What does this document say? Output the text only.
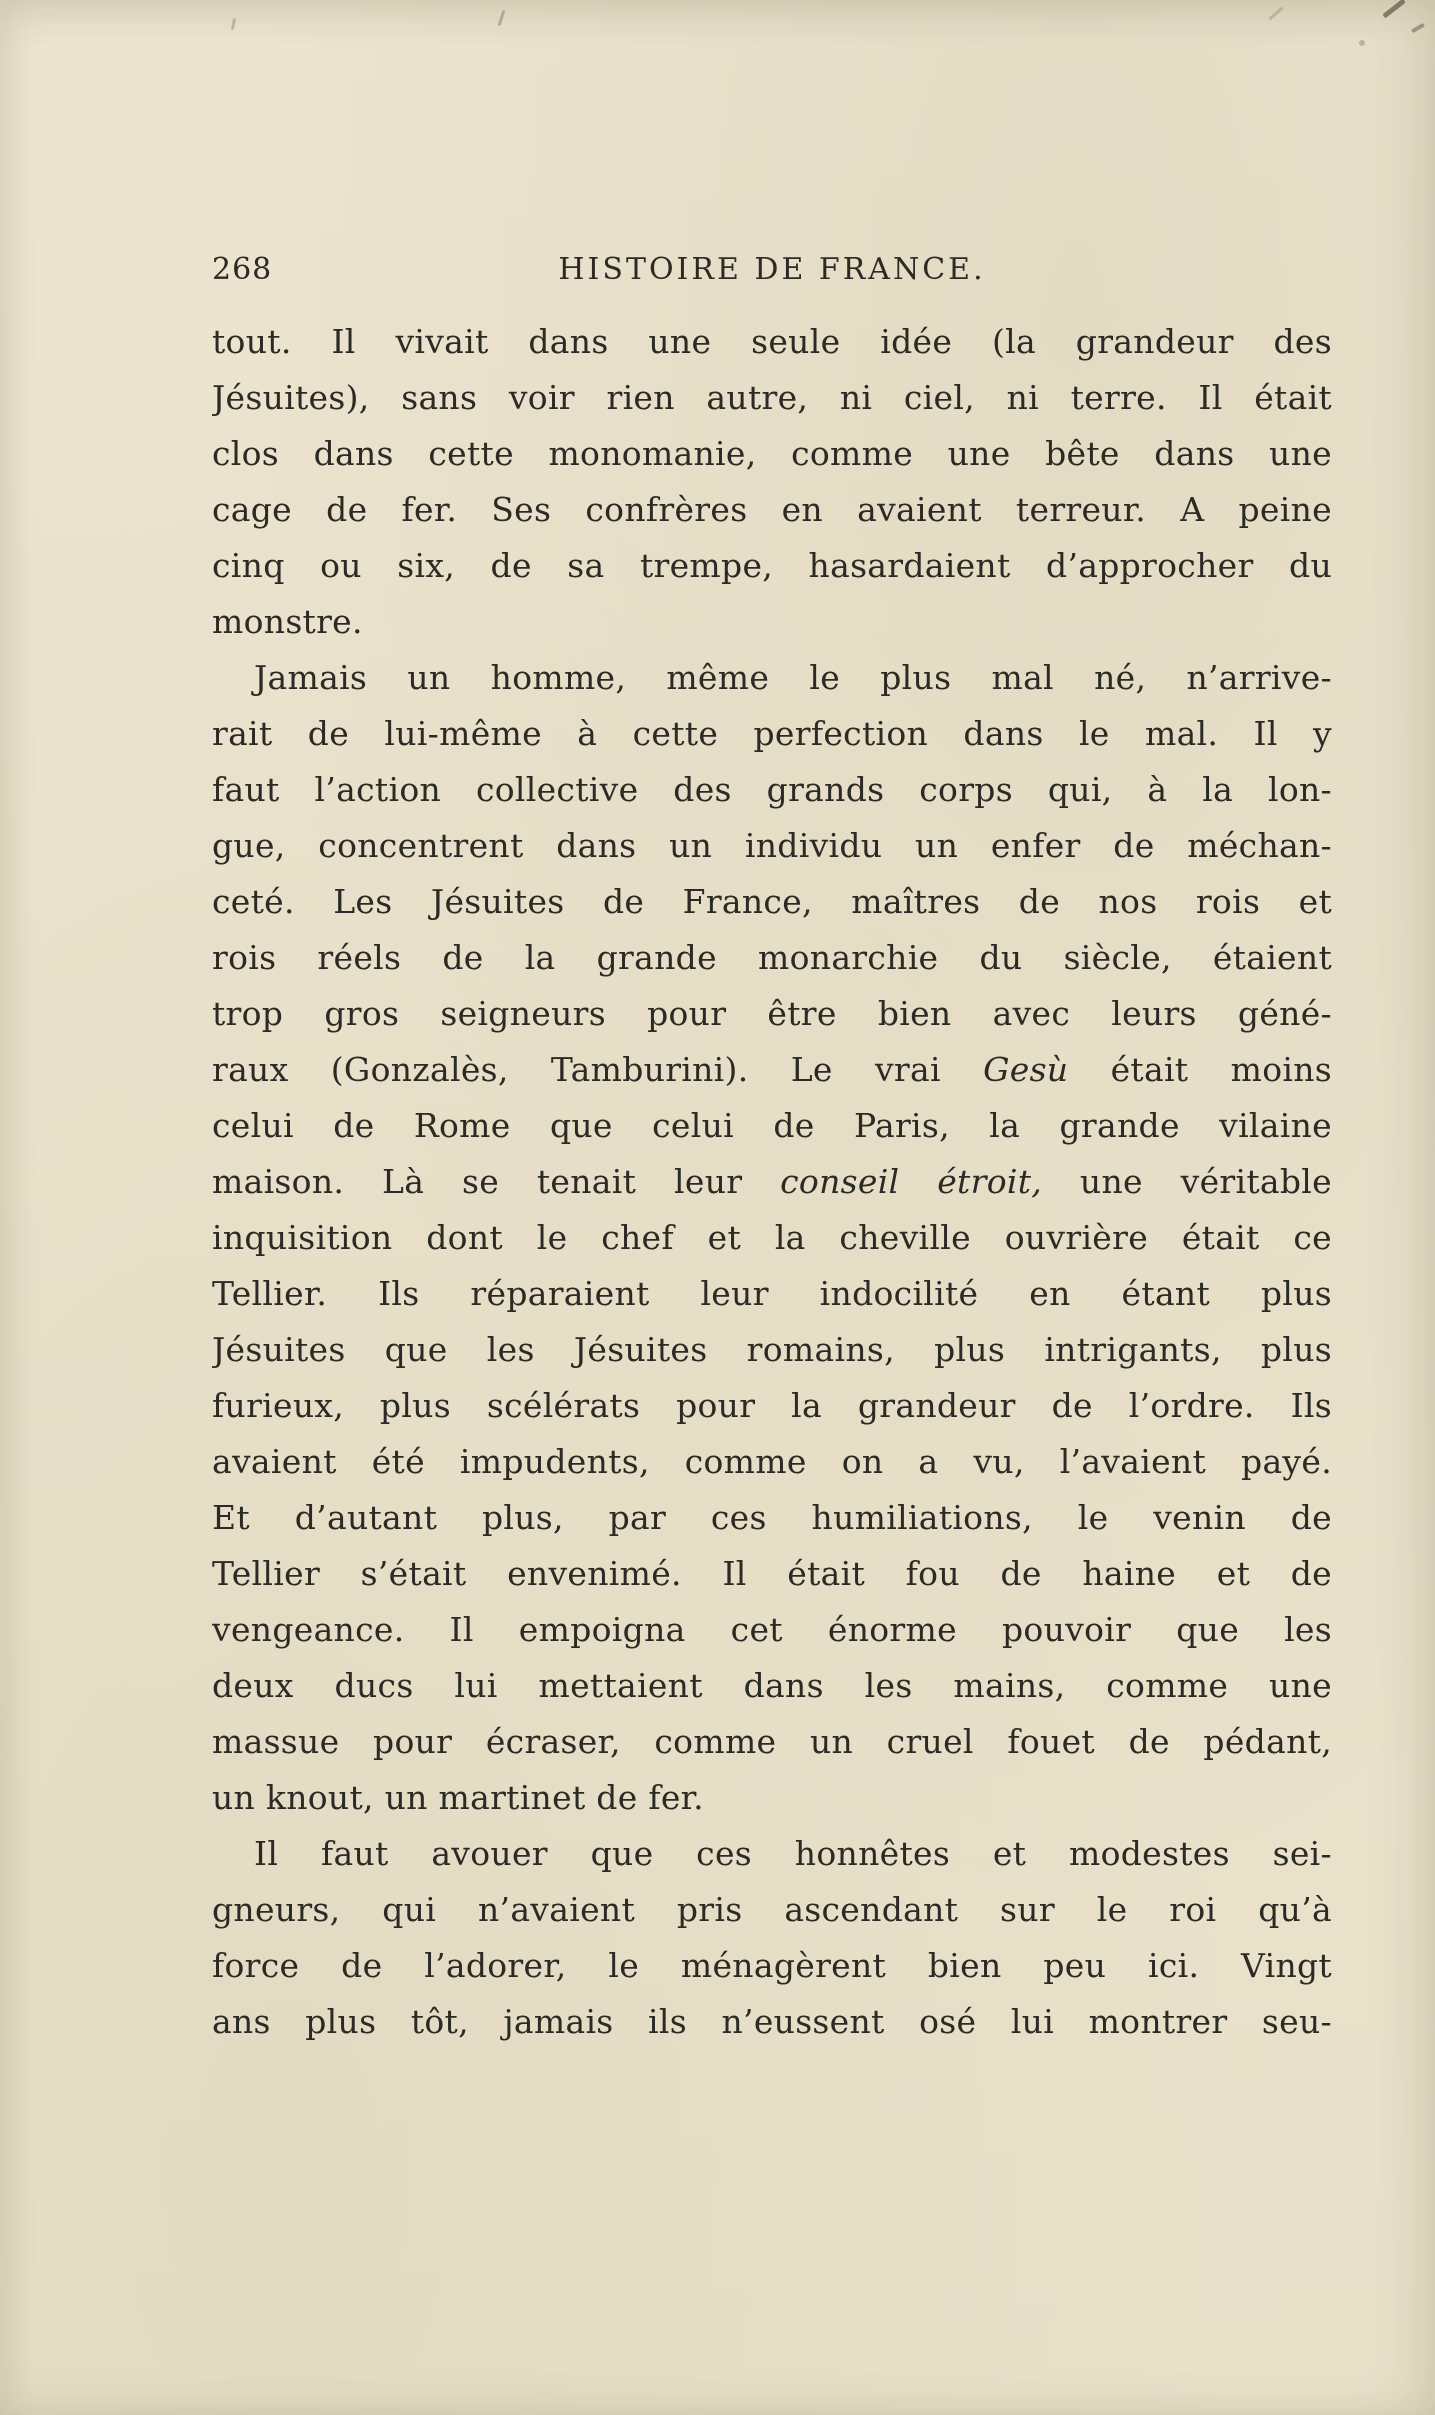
268	HISTOIRE DE FRANCE.
tout. Il vivait dans une seule idée (la grandeur des
Jésuites), sans voir rien autre, ni ciel, ni terre. Il était
clos dans cette monomanie, comme une bête dans une
cage de fer. Ses confrères en avaient terreur. A peine
cinq ou six, de sa trempe, hasardaient d’approcher du
monstre.
Jamais un homme, même le plus mal né, n’arrive-
rait de lui-même à cette perfection dans le mal. Il y
faut l’action collective des grands corps qui, à la lon-
gue, concentrent dans un individu un enfer de méchan-
ceté. Les Jésuites de France, maîtres de nos rois et
rois réels de la grande monarchie du siècle, étaient
trop gros seigneurs pour être bien avec leurs géné-
raux (Gonzalès, Tamburini). Le vrai Gesù était moins
celui de Rome que celui de Paris, la grande vilaine
maison. Là se tenait leur conseil étroit, une véritable
inquisition dont le chef et la cheville ouvrière était ce
Tellier. Ils réparaient leur indocilité en étant plus
Jésuites que les Jésuites romains, plus intrigants, plus
furieux, plus scélérats pour la grandeur de l’ordre. Ils
avaient été impudents, comme on a vu, l’avaient payé.
Et d’autant plus, par ces humiliations, le venin de
Tellier s’était envenimé. Il était fou de haine et de
vengeance. Il empoigna cet énorme pouvoir que les
deux ducs lui mettaient dans les mains, comme une
massue pour écraser, comme un cruel fouet de pédant,
un knout, un martinet de fer.
Il faut avouer que ces honnêtes et modestes sei-
gneurs, qui n’avaient pris ascendant sur le roi qu’à
force de l’adorer, le ménagèrent bien peu ici. Vingt
ans plus tôt, jamais ils n’eussent osé lui montrer seu-
